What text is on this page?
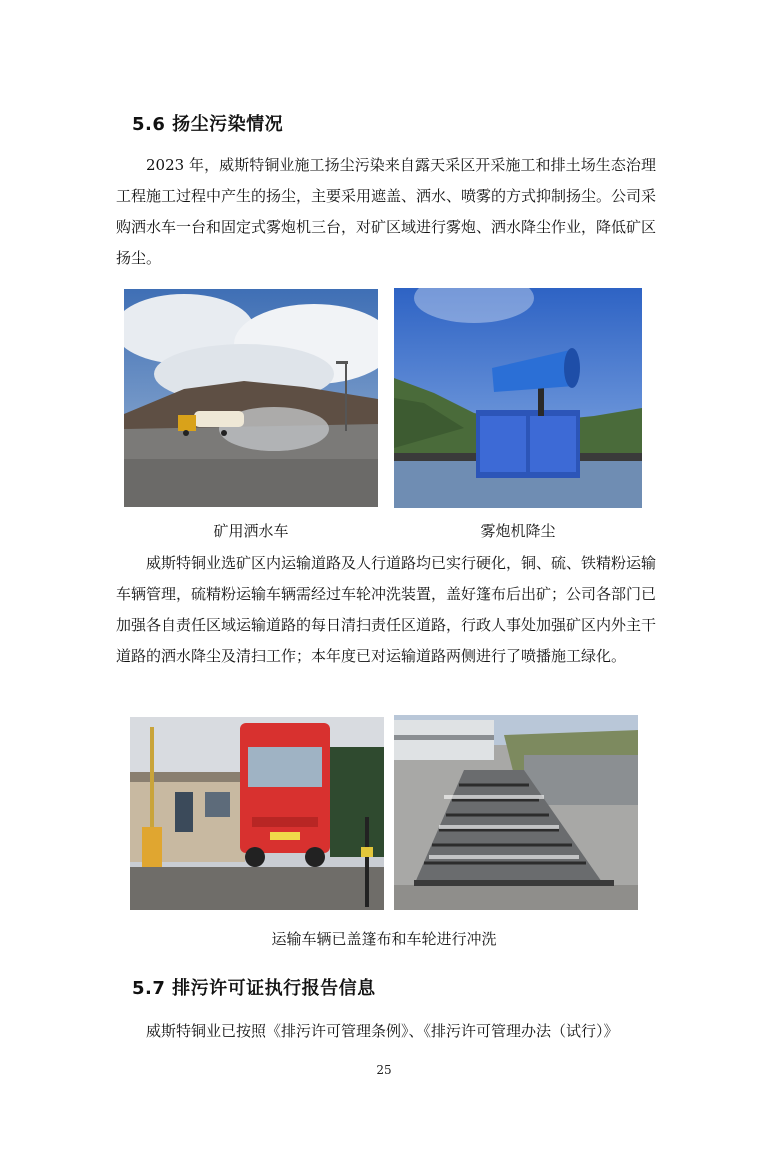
5.6 扬尘污染情况

2023 年，威斯特铜业施工扬尘污染来自露天采区开采施工和排土场生态治理工程施工过程中产生的扬尘，主要采用遮盖、洒水、喷雾的方式抑制扬尘。公司采购洒水车一台和固定式雾炮机三台，对矿区域进行雾炮、洒水降尘作业，降低矿区扬尘。

矿用洒水车	雾炮机降尘

威斯特铜业选矿区内运输道路及人行道路均已实行硬化，铜、硫、铁精粉运输车辆管理，硫精粉运输车辆需经过车轮冲洗装置，盖好篷布后出矿；公司各部门已加强各自责任区域运输道路的每日清扫责任区道路，行政人事处加强矿区内外主干道路的洒水降尘及清扫工作；本年度已对运输道路两侧进行了喷播施工绿化。

运输车辆已盖篷布和车轮进行冲洗
5.7 排污许可证执行报告信息

威斯特铜业已按照《排污许可管理条例》、《排污许可管理办法（试行）》

25
